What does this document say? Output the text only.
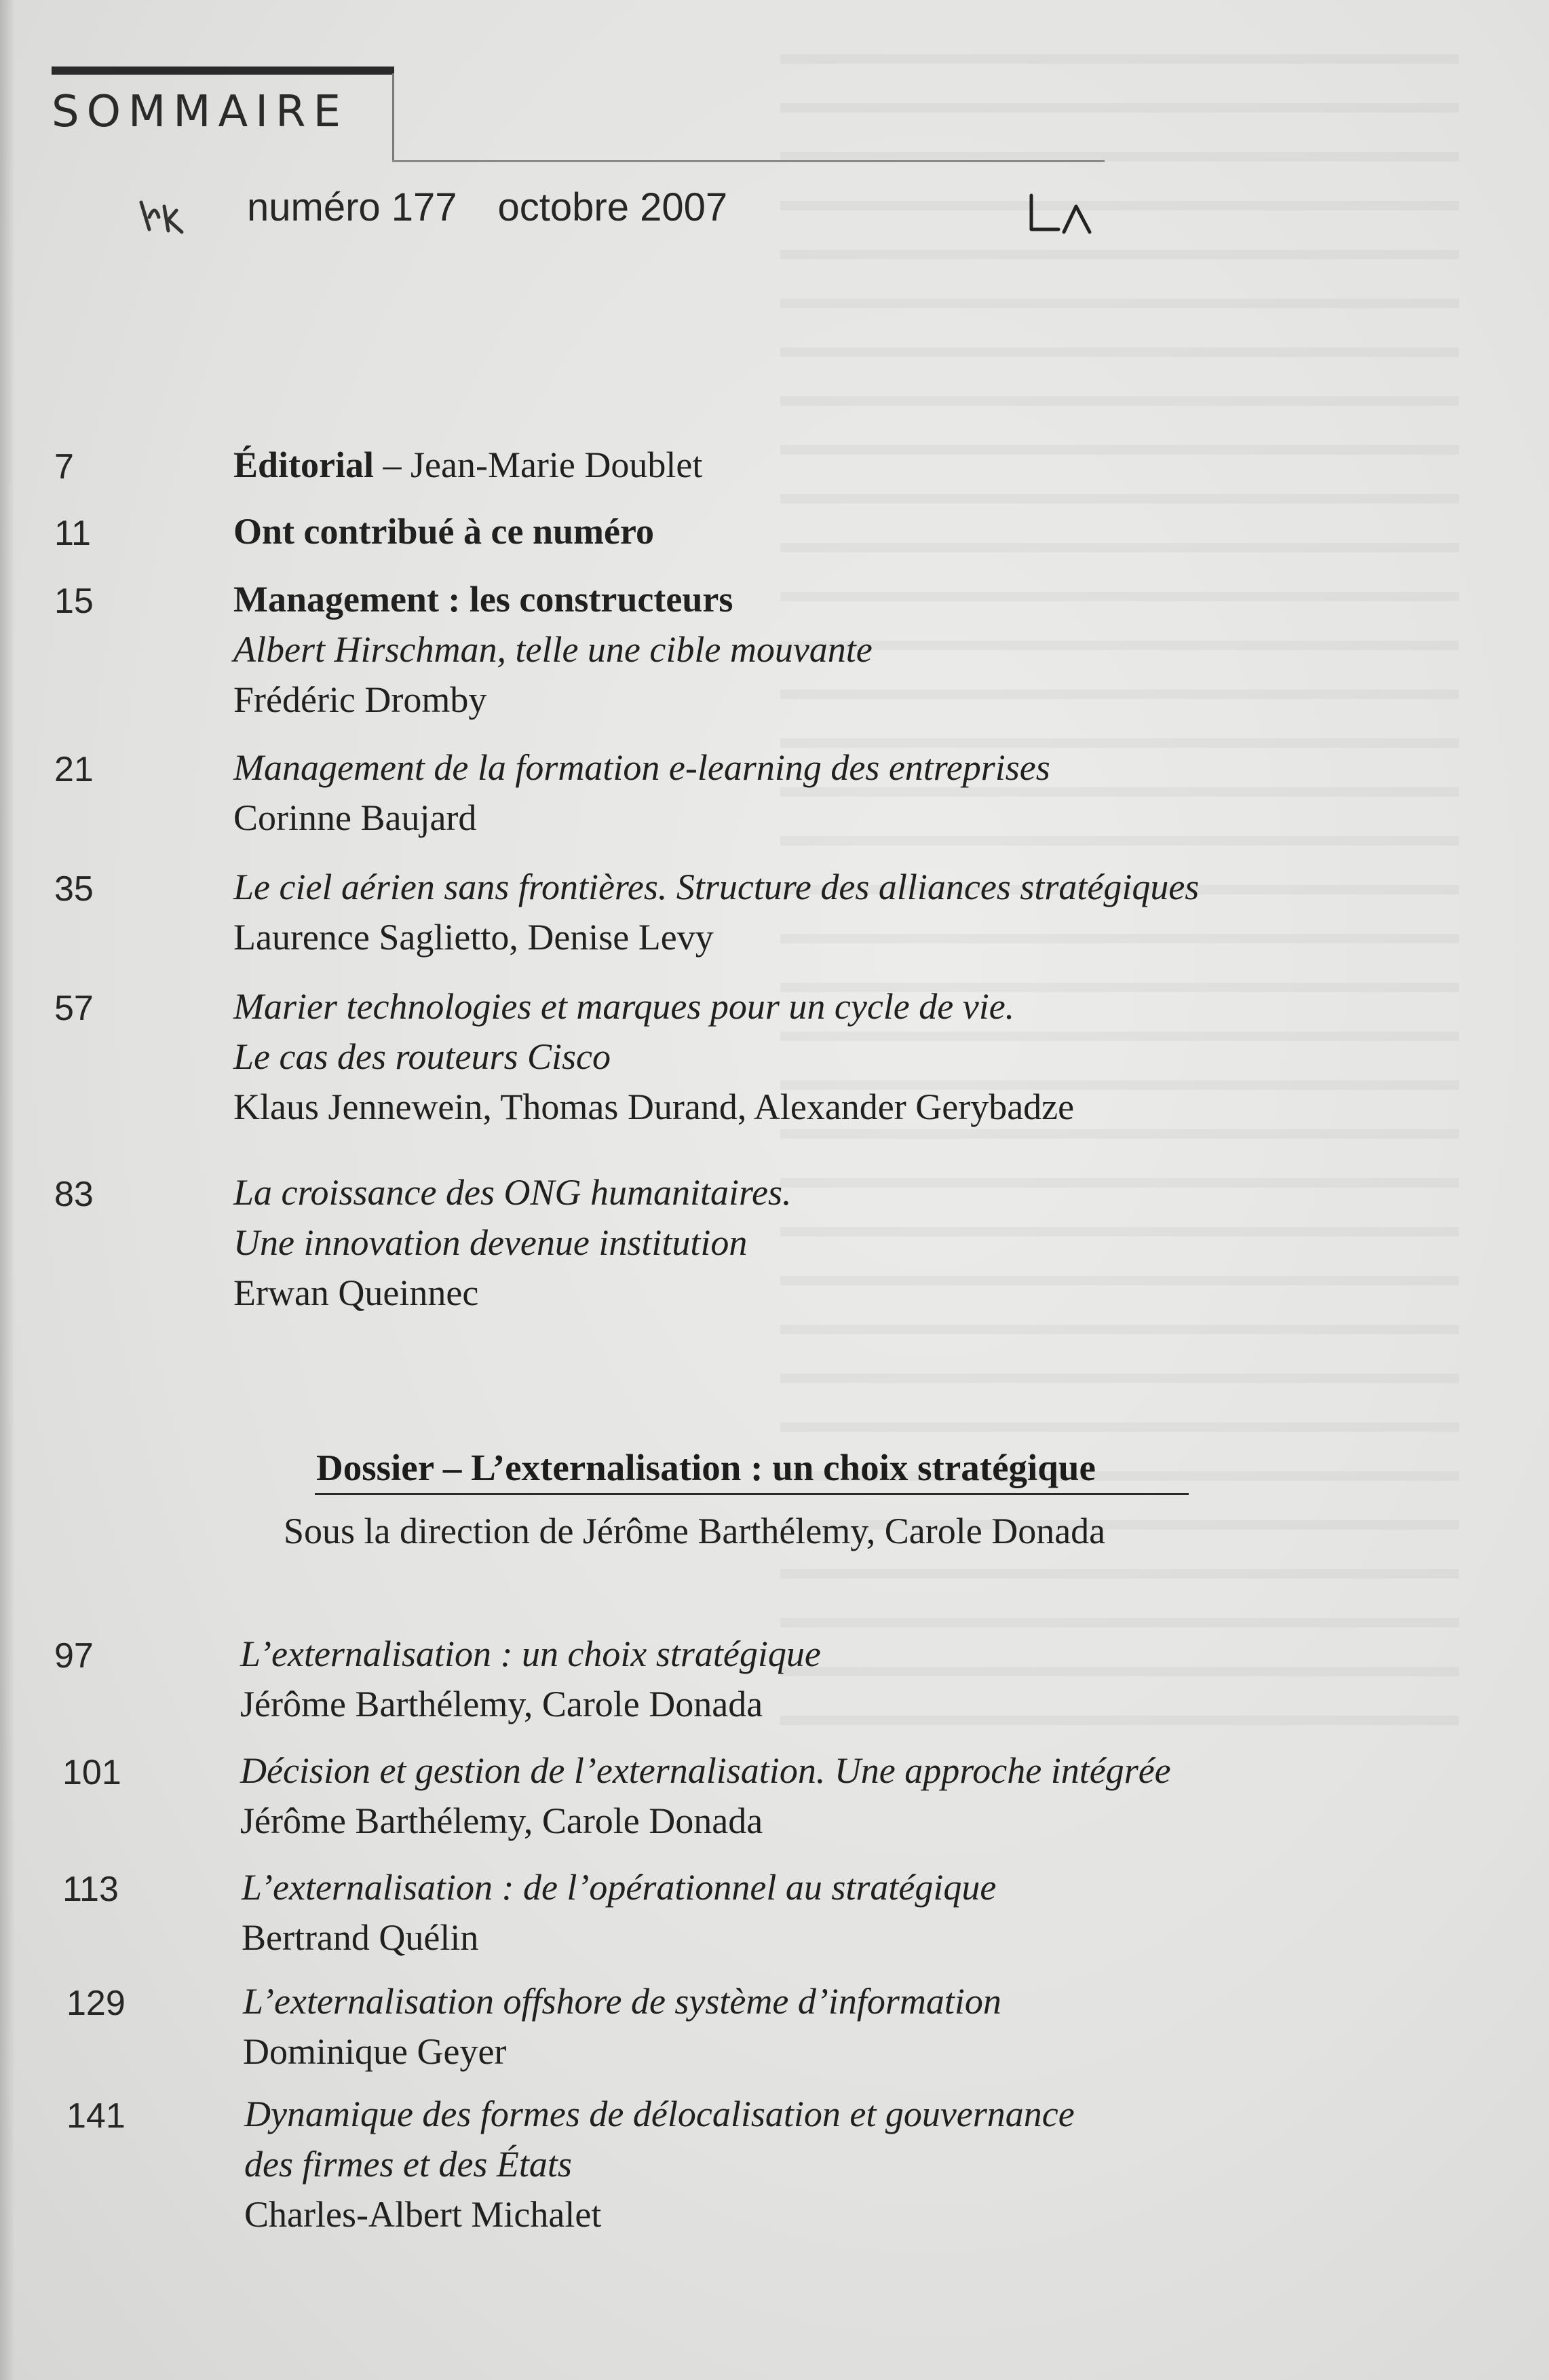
SOMMAIRE
numéro 177 octobre 2007
7	Éditorial – Jean-Marie Doublet
11	Ont contribué à ce numéro
15	Management : les constructeurs
Albert Hirschman, telle une cible mouvante
Frédéric Dromby
21	Management de la formation e-learning des entreprises
Corinne Baujard
35	Le ciel aérien sans frontières. Structure des alliances stratégiques
Laurence Saglietto, Denise Levy
57	Marier technologies et marques pour un cycle de vie.
Le cas des routeurs Cisco
Klaus Jennewein, Thomas Durand, Alexander Gerybadze
83	La croissance des ONG humanitaires.
Une innovation devenue institution
Erwan Queinnec
Dossier – L’externalisation : un choix stratégique
Sous la direction de Jérôme Barthélemy, Carole Donada
97	L’externalisation : un choix stratégique
Jérôme Barthélemy, Carole Donada
101	Décision et gestion de l’externalisation. Une approche intégrée
Jérôme Barthélemy, Carole Donada
113	L’externalisation : de l’opérationnel au stratégique
Bertrand Quélin
129	L’externalisation offshore de système d’information
Dominique Geyer
141	Dynamique des formes de délocalisation et gouvernance
des firmes et des États
Charles-Albert Michalet
